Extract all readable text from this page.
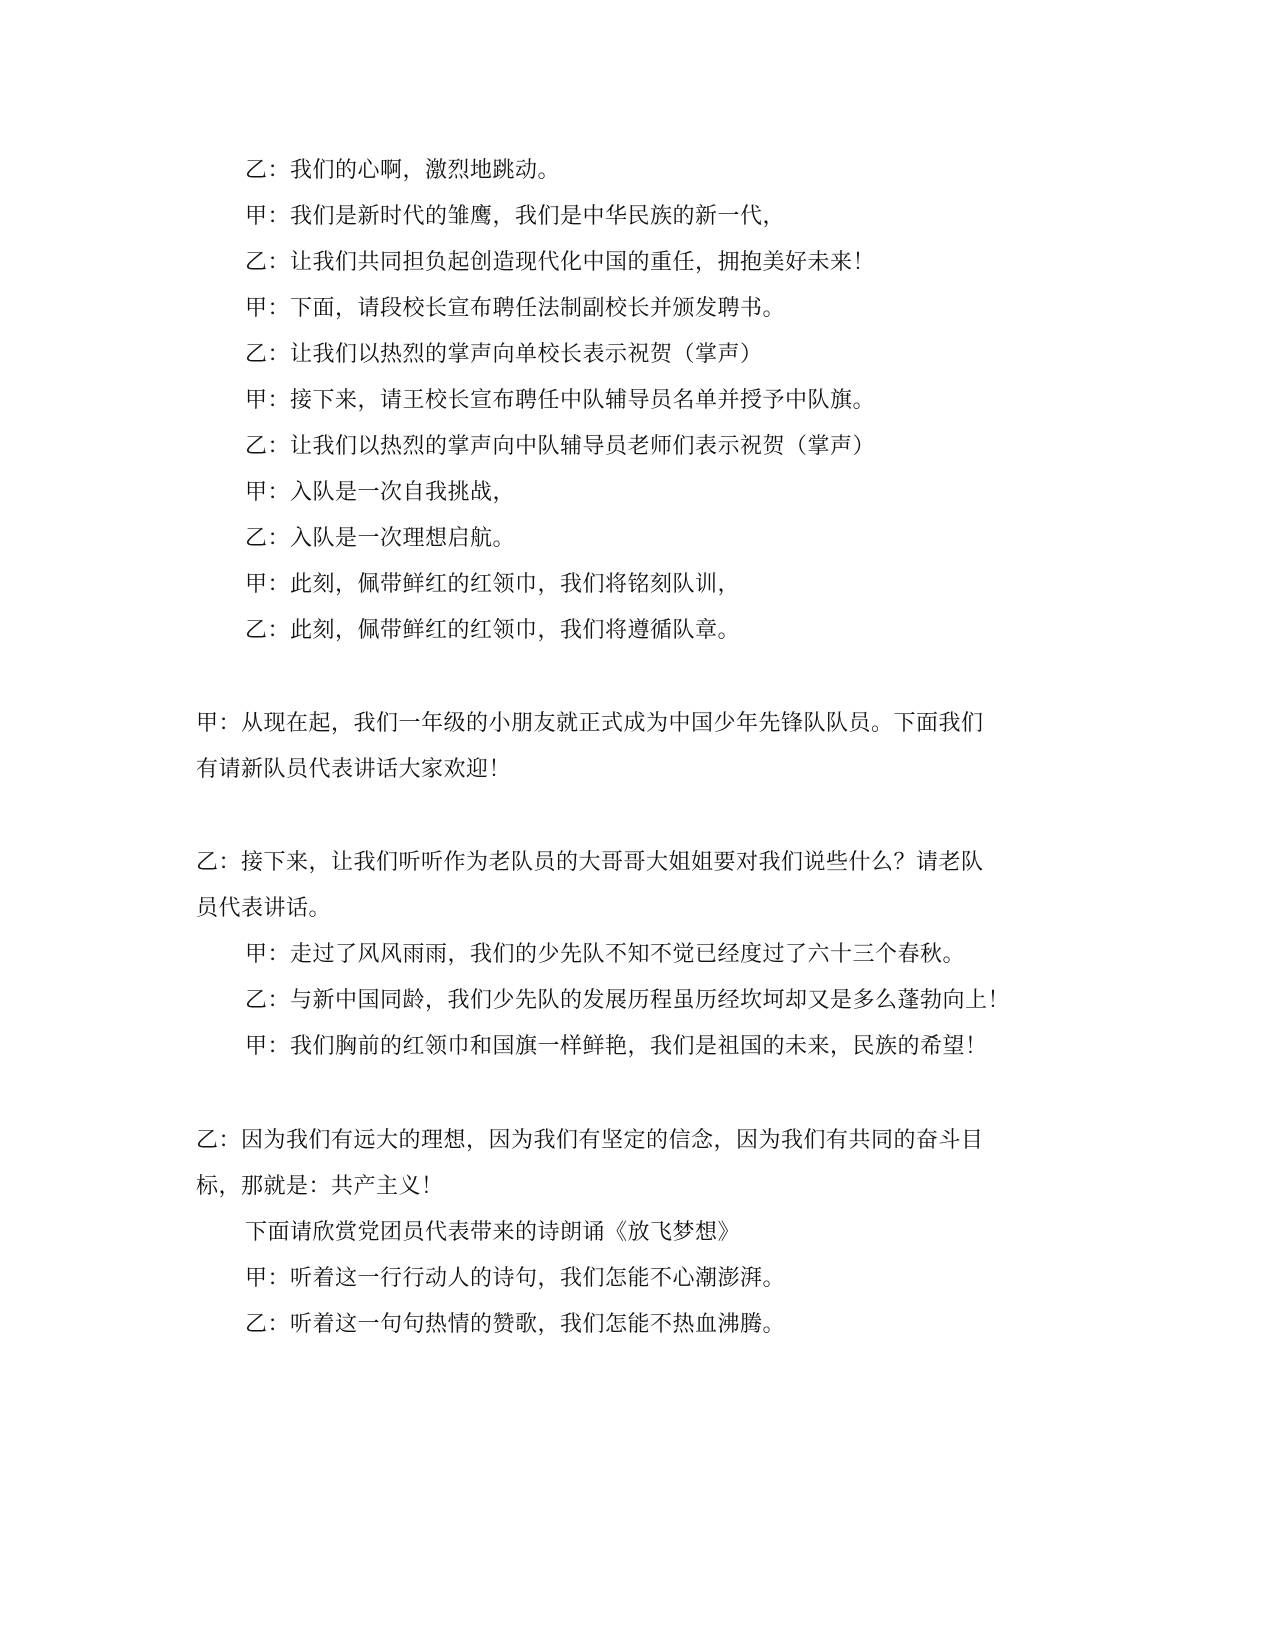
乙：我们的心啊，激烈地跳动。
甲：我们是新时代的雏鹰，我们是中华民族的新一代，
乙：让我们共同担负起创造现代化中国的重任，拥抱美好未来！
甲：下面，请段校长宣布聘任法制副校长并颁发聘书。
乙：让我们以热烈的掌声向单校长表示祝贺（掌声）
甲：接下来，请王校长宣布聘任中队辅导员名单并授予中队旗。
乙：让我们以热烈的掌声向中队辅导员老师们表示祝贺（掌声）
甲：入队是一次自我挑战，
乙：入队是一次理想启航。
甲：此刻，佩带鲜红的红领巾，我们将铭刻队训，
乙：此刻，佩带鲜红的红领巾，我们将遵循队章。
甲：从现在起，我们一年级的小朋友就正式成为中国少年先锋队队员。下面我们
有请新队员代表讲话大家欢迎！
乙：接下来，让我们听听作为老队员的大哥哥大姐姐要对我们说些什么？请老队
员代表讲话。
甲：走过了风风雨雨，我们的少先队不知不觉已经度过了六十三个春秋。
乙：与新中国同龄，我们少先队的发展历程虽历经坎坷却又是多么蓬勃向上！
甲：我们胸前的红领巾和国旗一样鲜艳，我们是祖国的未来，民族的希望！
乙：因为我们有远大的理想，因为我们有坚定的信念，因为我们有共同的奋斗目
标，那就是：共产主义！
下面请欣赏党团员代表带来的诗朗诵《放飞梦想》
甲：听着这一行行动人的诗句，我们怎能不心潮澎湃。
乙：听着这一句句热情的赞歌，我们怎能不热血沸腾。
